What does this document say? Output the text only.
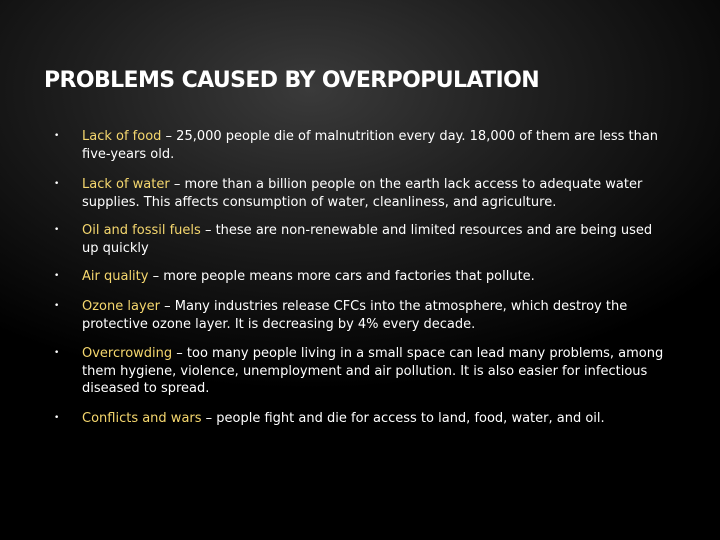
PROBLEMS CAUSED BY OVERPOPULATION
•	Lack of food – 25,000 people die of malnutrition every day. 18,000 of them are less than five-years old.
•	Lack of water – more than a billion people on the earth lack access to adequate water supplies. This affects consumption of water, cleanliness, and agriculture.
•	Oil and fossil fuels – these are non-renewable and limited resources and are being used up quickly
•	Air quality – more people means more cars and factories that pollute.
•	Ozone layer – Many industries release CFCs into the atmosphere, which destroy the protective ozone layer. It is decreasing by 4% every decade.
•	Overcrowding – too many people living in a small space can lead many problems, among them hygiene, violence, unemployment and air pollution. It is also easier for infectious diseased to spread.
•	Conflicts and wars – people fight and die for access to land, food, water, and oil.
